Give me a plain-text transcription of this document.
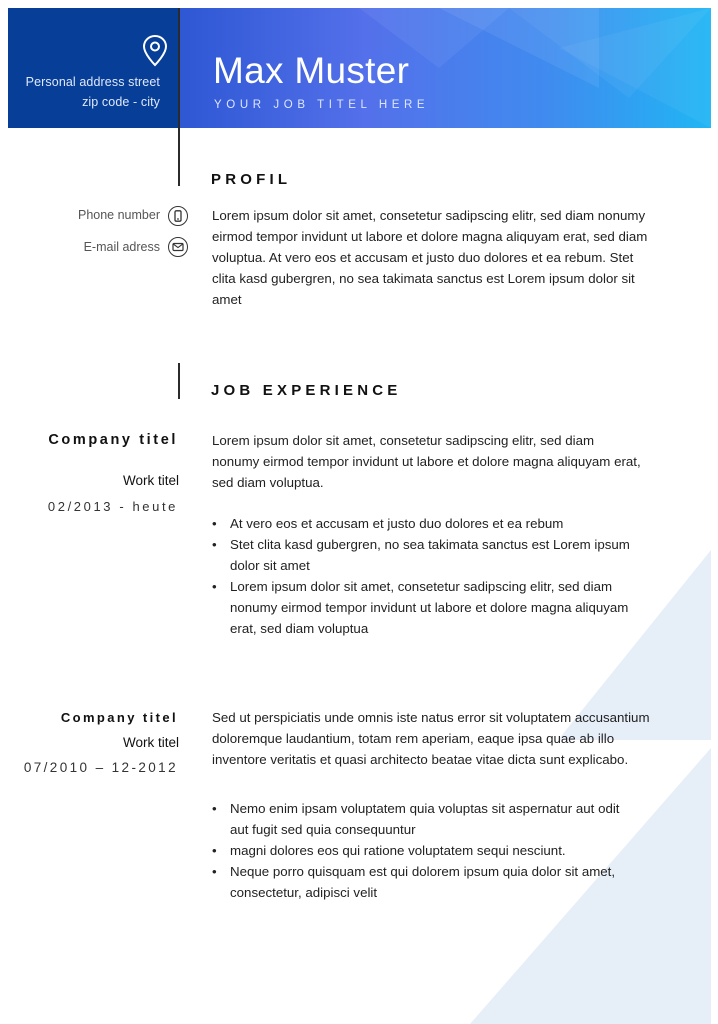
Personal address street
zip code - city
Max Muster
YOUR JOB TITEL HERE
PROFIL
Phone number
E-mail adress
Lorem ipsum dolor sit amet, consetetur sadipscing elitr, sed diam nonumy eirmod tempor invidunt ut labore et dolore magna aliquyam erat, sed diam voluptua. At vero eos et accusam et justo duo dolores et ea rebum. Stet clita kasd gubergren, no sea takimata sanctus est Lorem ipsum dolor sit amet
JOB EXPERIENCE
Company titel
Work titel
02/2013 - heute
Lorem ipsum dolor sit amet, consetetur sadipscing elitr, sed diam nonumy eirmod tempor invidunt ut labore et dolore magna aliquyam erat, sed diam voluptua.
• At vero eos et accusam et justo duo dolores et ea rebum
• Stet clita kasd gubergren, no sea takimata sanctus est Lorem ipsum dolor sit amet
• Lorem ipsum dolor sit amet, consetetur sadipscing elitr, sed diam nonumy eirmod tempor invidunt ut labore et dolore magna aliquyam erat, sed diam voluptua
Company titel
Work titel
07/2010 – 12-2012
Sed ut perspiciatis unde omnis iste natus error sit voluptatem accusantium doloremque laudantium, totam rem aperiam, eaque ipsa quae ab illo inventore veritatis et quasi architecto beatae vitae dicta sunt explicabo.
• Nemo enim ipsam voluptatem quia voluptas sit aspernatur aut odit aut fugit sed quia consequuntur
• magni dolores eos qui ratione voluptatem sequi nesciunt.
• Neque porro quisquam est qui dolorem ipsum quia dolor sit amet, consectetur, adipisci velit
